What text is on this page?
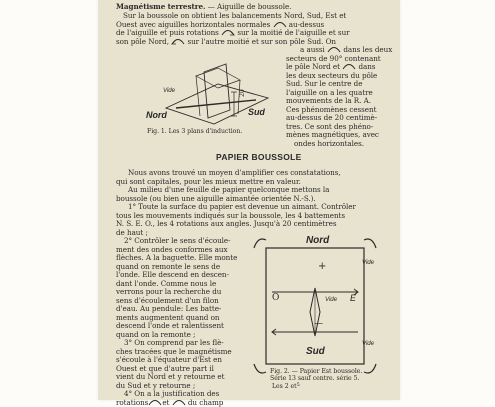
Magnétisme terrestre. — Aiguille de boussole.
Sur la boussole on obtient les balancements Nord, Sud, Est et
Ouest avec aiguilles horizontales normales	au-dessus
de l'aiguille et puis rotations	sur la moitié de l'aiguille et sur
son pôle Nord,	sur l'autre moitié et sur son pôle Sud. On
a aussi	dans les deux
secteurs de 90° contenant
le pôle Nord et	dans
les deux secteurs du pôle
Sud. Sur le centre de
l'aiguille on a les quatre
mouvements de la R. A.
Ces phénomènes cessent
au-dessus de 20 centimè-
tres. Ce sont des phéno-
mènes magnétiques, avec
ondes horizontales.
Vide
Nord	Sud
20
Fig. 1. Les 3 plans d'induction.
PAPIER BOUSSOLE
Nous avons trouvé un moyen d'amplifier ces constatations,
qui sont capitales, pour les mieux mettre en valeur.
Au milieu d'une feuille de papier quelconque mettons la
boussole (ou bien une aiguille aimantée orientée N.-S.).
1° Toute la surface du papier est devenue un aimant. Contrôler
tous les mouvements indiqués sur la boussole, les 4 battements
N. S. E. O., les 4 rotations aux angles. Jusqu'à 20 centimètres
de haut ;
2° Contrôler le sens d'écoule-
ment des ondes conformes aux
flèches. A la baguette. Elle monte
quand on remonte le sens de
l'onde. Elle descend en descen-
dant l'onde. Comme nous le
verrons pour la recherche du
sens d'écoulement d'un filon
d'eau. Au pendule: Les batte-
ments augmentent quand on
descend l'onde et ralentissent
quand on la remonte ;
3° On comprend par les flè-
ches tracées que le magnétisme
s'écoule à l'équateur d'Est en
Ouest et que d'autre part il
vient du Nord et y retourne et
du Sud et y retourne ;
4° On a la justification des
rotations et	du champ
Nord
Sud
O	E
Vide
Vide
Vide
+
—
Fig. 2. — Papier Est boussole.
Série 13 sauf centre. série 5.
Les 2 $et^5$
